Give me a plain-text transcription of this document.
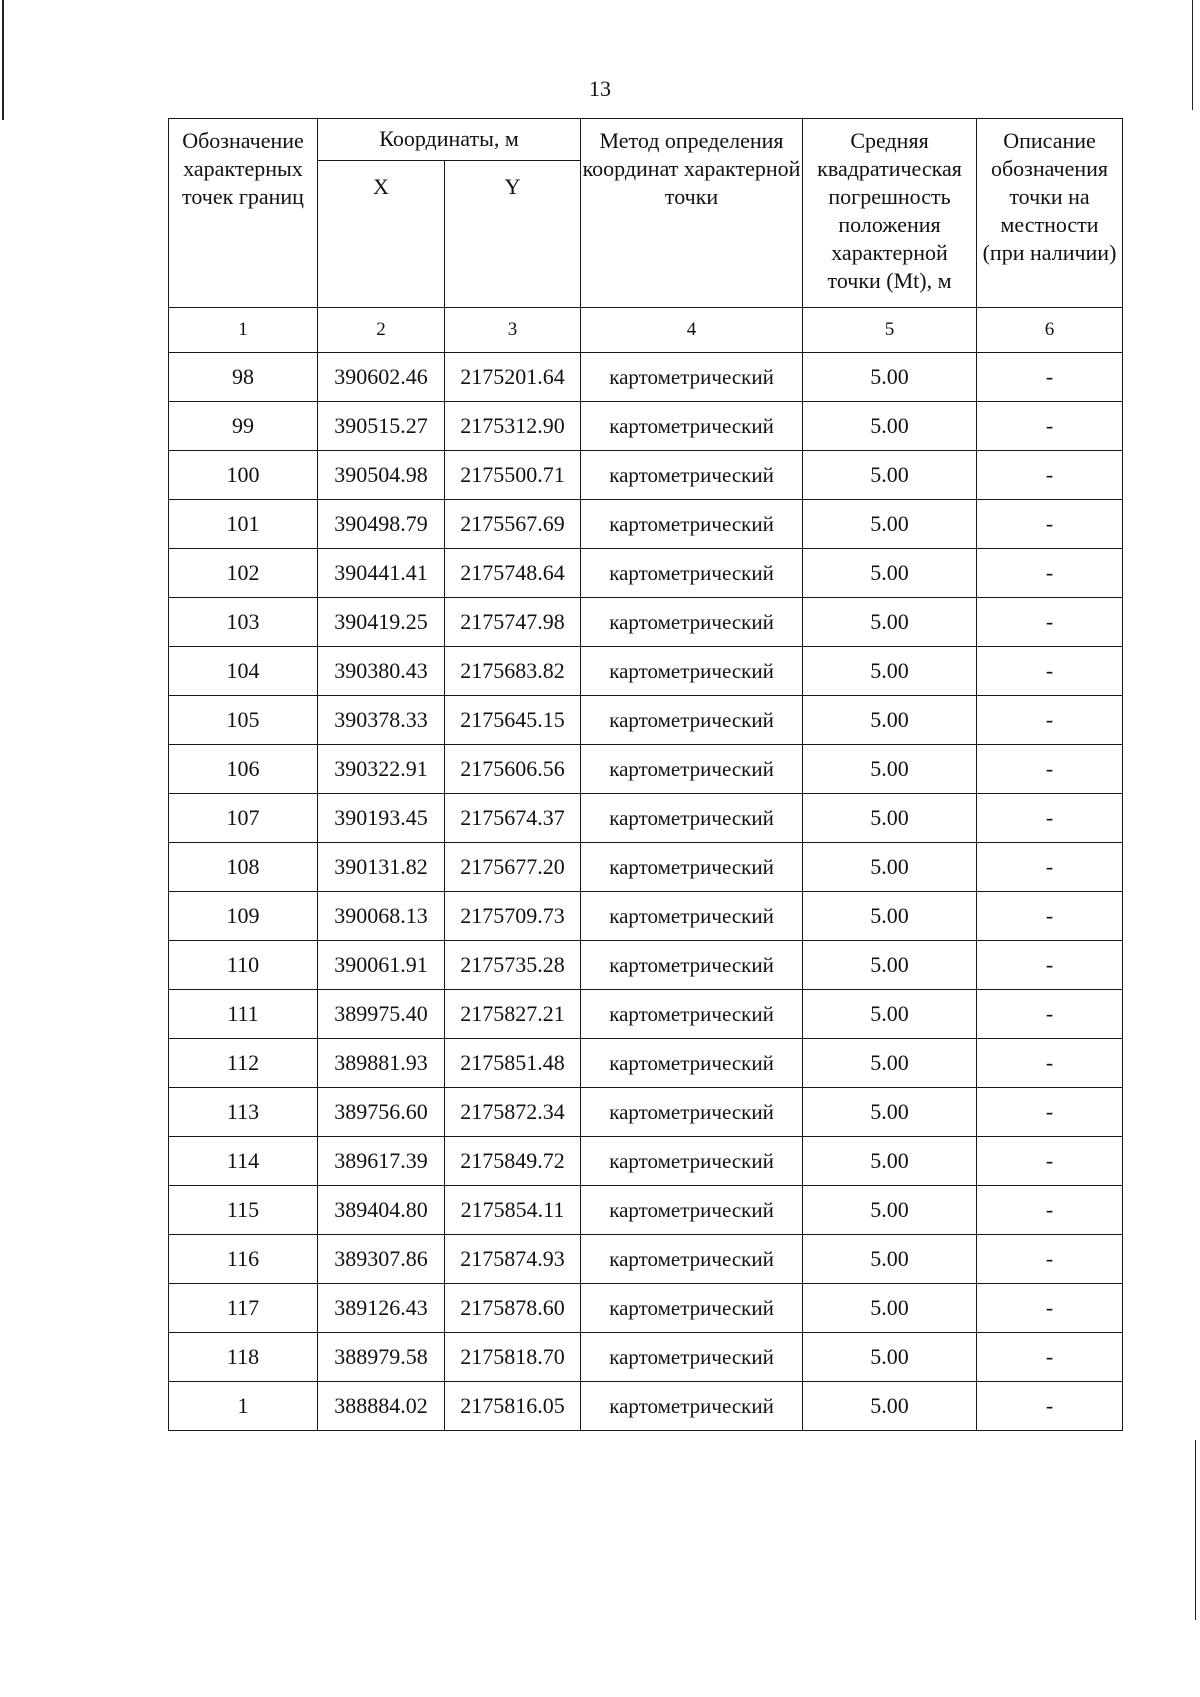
13
Обозначение характерных точек границ	Координаты, м		Метод определения координат характерной точки	Средняя квадратическая погрешность положения характерной точки (Mt), м	Описание обозначения точки на местности (при наличии)
	X	Y			
1	2	3	4	5	6
98	390602.46	2175201.64	картометрический	5.00	-
99	390515.27	2175312.90	картометрический	5.00	-
100	390504.98	2175500.71	картометрический	5.00	-
101	390498.79	2175567.69	картометрический	5.00	-
102	390441.41	2175748.64	картометрический	5.00	-
103	390419.25	2175747.98	картометрический	5.00	-
104	390380.43	2175683.82	картометрический	5.00	-
105	390378.33	2175645.15	картометрический	5.00	-
106	390322.91	2175606.56	картометрический	5.00	-
107	390193.45	2175674.37	картометрический	5.00	-
108	390131.82	2175677.20	картометрический	5.00	-
109	390068.13	2175709.73	картометрический	5.00	-
110	390061.91	2175735.28	картометрический	5.00	-
111	389975.40	2175827.21	картометрический	5.00	-
112	389881.93	2175851.48	картометрический	5.00	-
113	389756.60	2175872.34	картометрический	5.00	-
114	389617.39	2175849.72	картометрический	5.00	-
115	389404.80	2175854.11	картометрический	5.00	-
116	389307.86	2175874.93	картометрический	5.00	-
117	389126.43	2175878.60	картометрический	5.00	-
118	388979.58	2175818.70	картометрический	5.00	-
1	388884.02	2175816.05	картометрический	5.00	-
